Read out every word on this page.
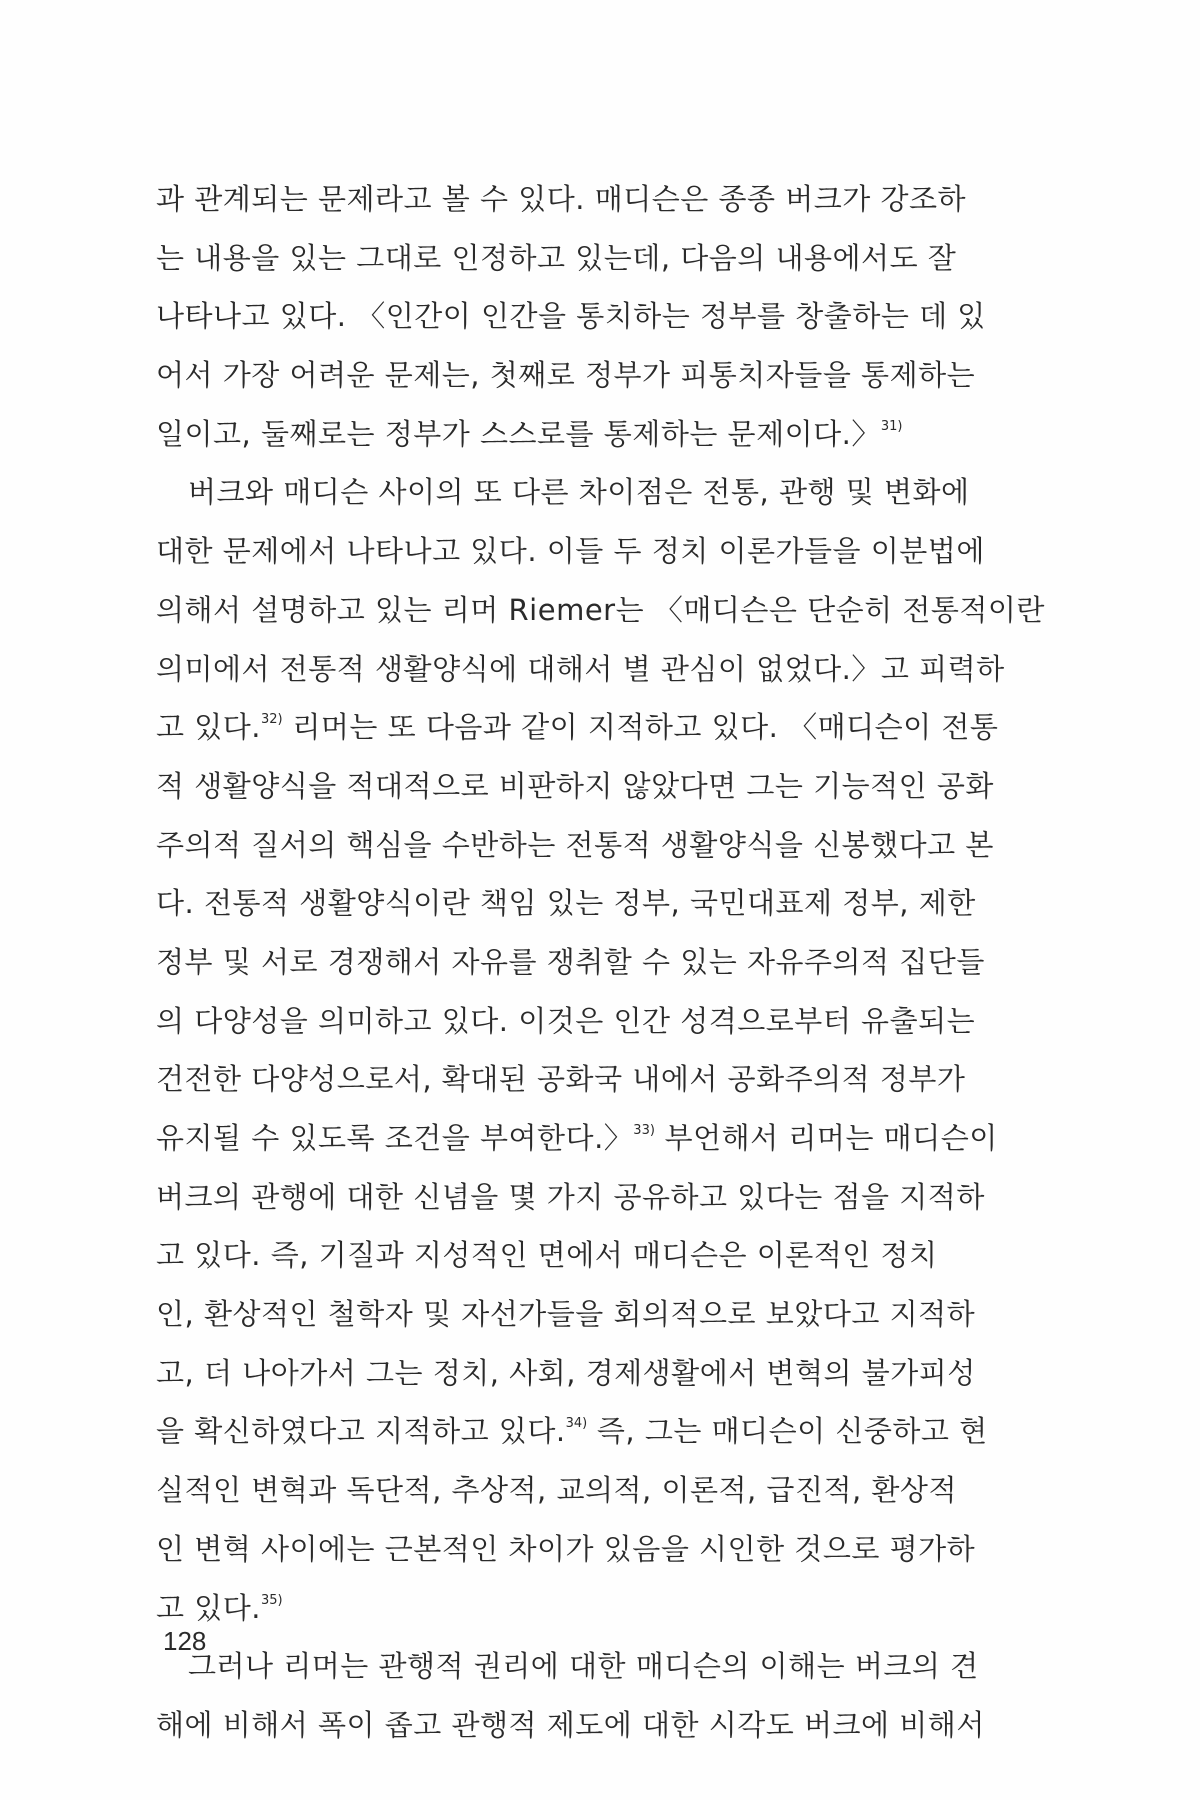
과 관계되는 문제라고 볼 수 있다. 매디슨은 종종 버크가 강조하
는 내용을 있는 그대로 인정하고 있는데, 다음의 내용에서도 잘
나타나고 있다. 〈인간이 인간을 통치하는 정부를 창출하는 데 있
어서 가장 어려운 문제는, 첫째로 정부가 피통치자들을 통제하는
일이고, 둘째로는 정부가 스스로를 통제하는 문제이다.〉$^{31)}$
버크와 매디슨 사이의 또 다른 차이점은 전통, 관행 및 변화에
대한 문제에서 나타나고 있다. 이들 두 정치 이론가들을 이분법에
의해서 설명하고 있는 리머 Riemer는 〈매디슨은 단순히 전통적이란
의미에서 전통적 생활양식에 대해서 별 관심이 없었다.〉고 피력하
고 있다.$^{32)}$ 리머는 또 다음과 같이 지적하고 있다. 〈매디슨이 전통
적 생활양식을 적대적으로 비판하지 않았다면 그는 기능적인 공화
주의적 질서의 핵심을 수반하는 전통적 생활양식을 신봉했다고 본
다. 전통적 생활양식이란 책임 있는 정부, 국민대표제 정부, 제한
정부 및 서로 경쟁해서 자유를 쟁취할 수 있는 자유주의적 집단들
의 다양성을 의미하고 있다. 이것은 인간 성격으로부터 유출되는
건전한 다양성으로서, 확대된 공화국 내에서 공화주의적 정부가
유지될 수 있도록 조건을 부여한다.〉$^{33)}$ 부언해서 리머는 매디슨이
버크의 관행에 대한 신념을 몇 가지 공유하고 있다는 점을 지적하
고 있다. 즉, 기질과 지성적인 면에서 매디슨은 이론적인 정치
인, 환상적인 철학자 및 자선가들을 회의적으로 보았다고 지적하
고, 더 나아가서 그는 정치, 사회, 경제생활에서 변혁의 불가피성
을 확신하였다고 지적하고 있다.$^{34)}$ 즉, 그는 매디슨이 신중하고 현
실적인 변혁과 독단적, 추상적, 교의적, 이론적, 급진적, 환상적
인 변혁 사이에는 근본적인 차이가 있음을 시인한 것으로 평가하
고 있다.$^{35)}$
그러나 리머는 관행적 권리에 대한 매디슨의 이해는 버크의 견
해에 비해서 폭이 좁고 관행적 제도에 대한 시각도 버크에 비해서
128
